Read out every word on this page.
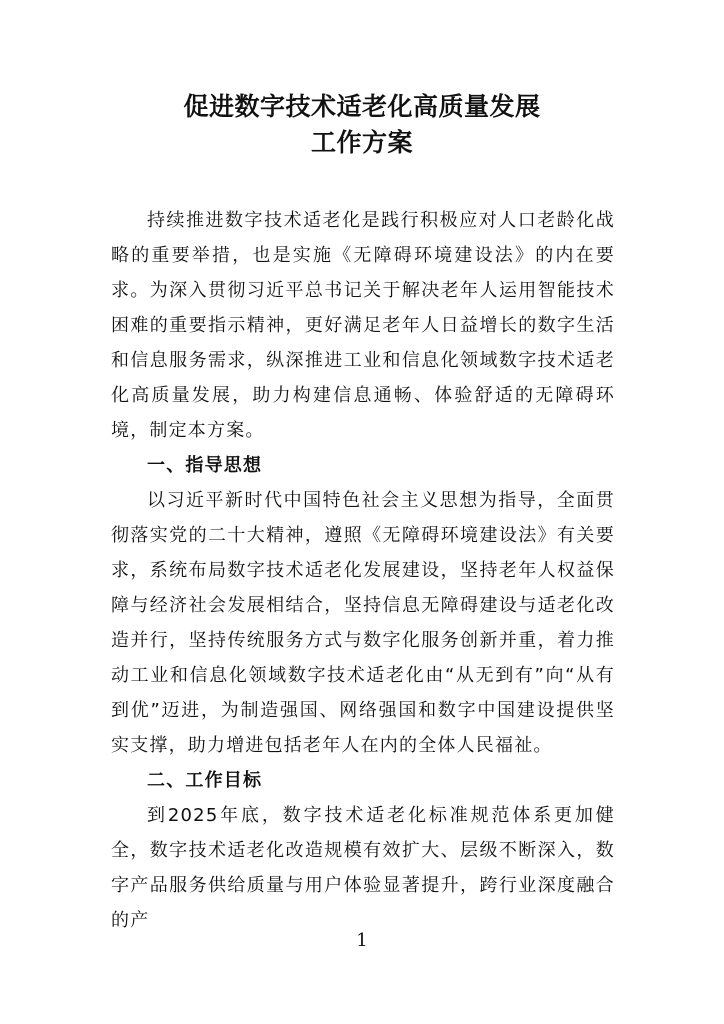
促进数字技术适老化高质量发展
工作方案

持续推进数字技术适老化是践行积极应对人口老龄化战略的重要举措，也是实施《无障碍环境建设法》的内在要求。为深入贯彻习近平总书记关于解决老年人运用智能技术困难的重要指示精神，更好满足老年人日益增长的数字生活和信息服务需求，纵深推进工业和信息化领域数字技术适老化高质量发展，助力构建信息通畅、体验舒适的无障碍环境，制定本方案。

一、指导思想

以习近平新时代中国特色社会主义思想为指导，全面贯彻落实党的二十大精神，遵照《无障碍环境建设法》有关要求，系统布局数字技术适老化发展建设，坚持老年人权益保障与经济社会发展相结合，坚持信息无障碍建设与适老化改造并行，坚持传统服务方式与数字化服务创新并重，着力推动工业和信息化领域数字技术适老化由“从无到有”向“从有到优”迈进，为制造强国、网络强国和数字中国建设提供坚实支撑，助力增进包括老年人在内的全体人民福祉。

二、工作目标

到2025年底，数字技术适老化标准规范体系更加健全，数字技术适老化改造规模有效扩大、层级不断深入，数字产品服务供给质量与用户体验显著提升，跨行业深度融合的产

1
